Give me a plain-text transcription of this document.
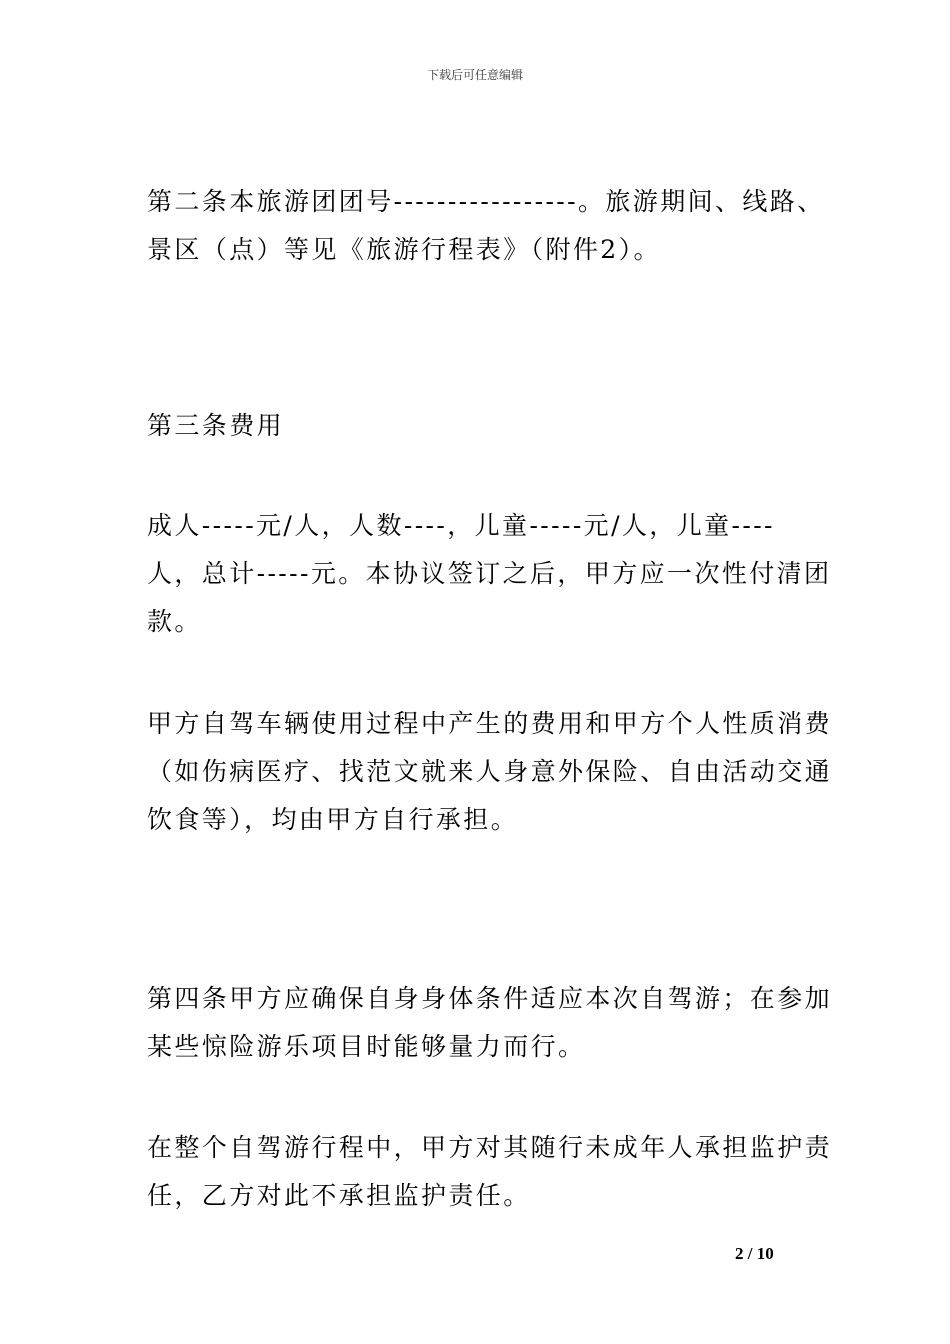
下载后可任意编辑
第二条本旅游团团号‐‐‐‐‐‐‐‐‐‐‐‐‐‐‐‐‐。旅游期间、线路、
景区（点）等见《旅游行程表》（附件2）。
第三条费用
成人‐‐‐‐‐元/人，人数‐‐‐‐，儿童‐‐‐‐‐元/人，儿童‐‐‐‐
人，总计‐‐‐‐‐元。本协议签订之后，甲方应一次性付清团
款。
甲方自驾车辆使用过程中产生的费用和甲方个人性质消费
（如伤病医疗、找范文就来人身意外保险、自由活动交通
饮食等），均由甲方自行承担。
第四条甲方应确保自身身体条件适应本次自驾游；在参加
某些惊险游乐项目时能够量力而行。
在整个自驾游行程中，甲方对其随行未成年人承担监护责
任，乙方对此不承担监护责任。
2 / 10
